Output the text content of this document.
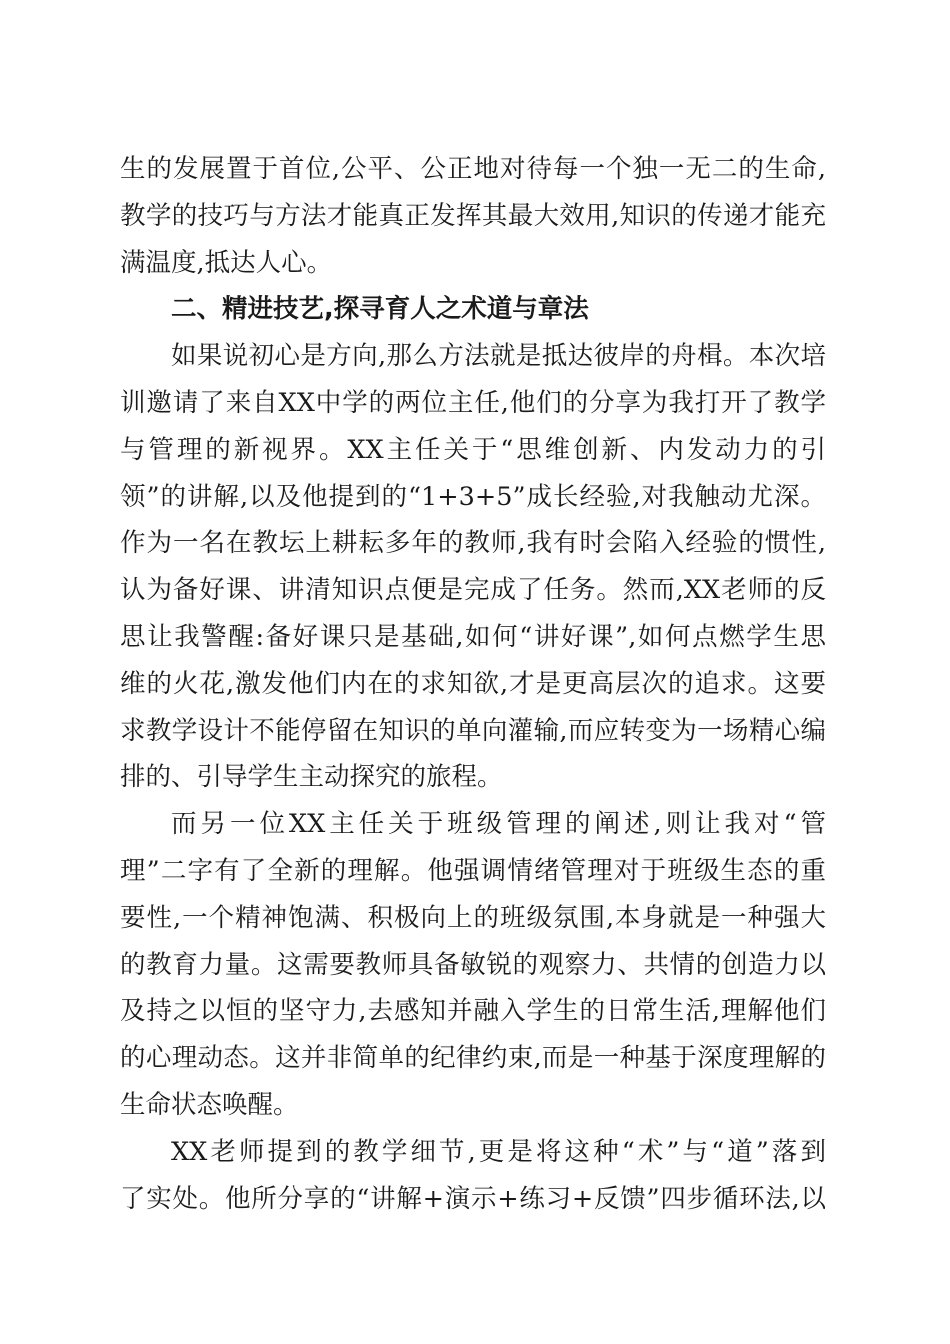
生的发展置于首位,公平、公正地对待每一个独一无二的生命,
教学的技巧与方法才能真正发挥其最大效用,知识的传递才能充
满温度,抵达人心。
二、精进技艺,探寻育人之术道与章法
如果说初心是方向,那么方法就是抵达彼岸的舟楫。本次培
训邀请了来自XX中学的两位主任,他们的分享为我打开了教学
与管理的新视界。XX主任关于“思维创新、内发动力的引
领”的讲解,以及他提到的“1+3+5”成长经验,对我触动尤深。
作为一名在教坛上耕耘多年的教师,我有时会陷入经验的惯性,
认为备好课、讲清知识点便是完成了任务。然而,XX老师的反
思让我警醒:备好课只是基础,如何“讲好课”,如何点燃学生思
维的火花,激发他们内在的求知欲,才是更高层次的追求。这要
求教学设计不能停留在知识的单向灌输,而应转变为一场精心编
排的、引导学生主动探究的旅程。
而另一位XX主任关于班级管理的阐述,则让我对“管
理”二字有了全新的理解。他强调情绪管理对于班级生态的重
要性,一个精神饱满、积极向上的班级氛围,本身就是一种强大
的教育力量。这需要教师具备敏锐的观察力、共情的创造力以
及持之以恒的坚守力,去感知并融入学生的日常生活,理解他们
的心理动态。这并非简单的纪律约束,而是一种基于深度理解的
生命状态唤醒。
XX老师提到的教学细节,更是将这种“术”与“道”落到
了实处。他所分享的“讲解+演示+练习+反馈”四步循环法,以
